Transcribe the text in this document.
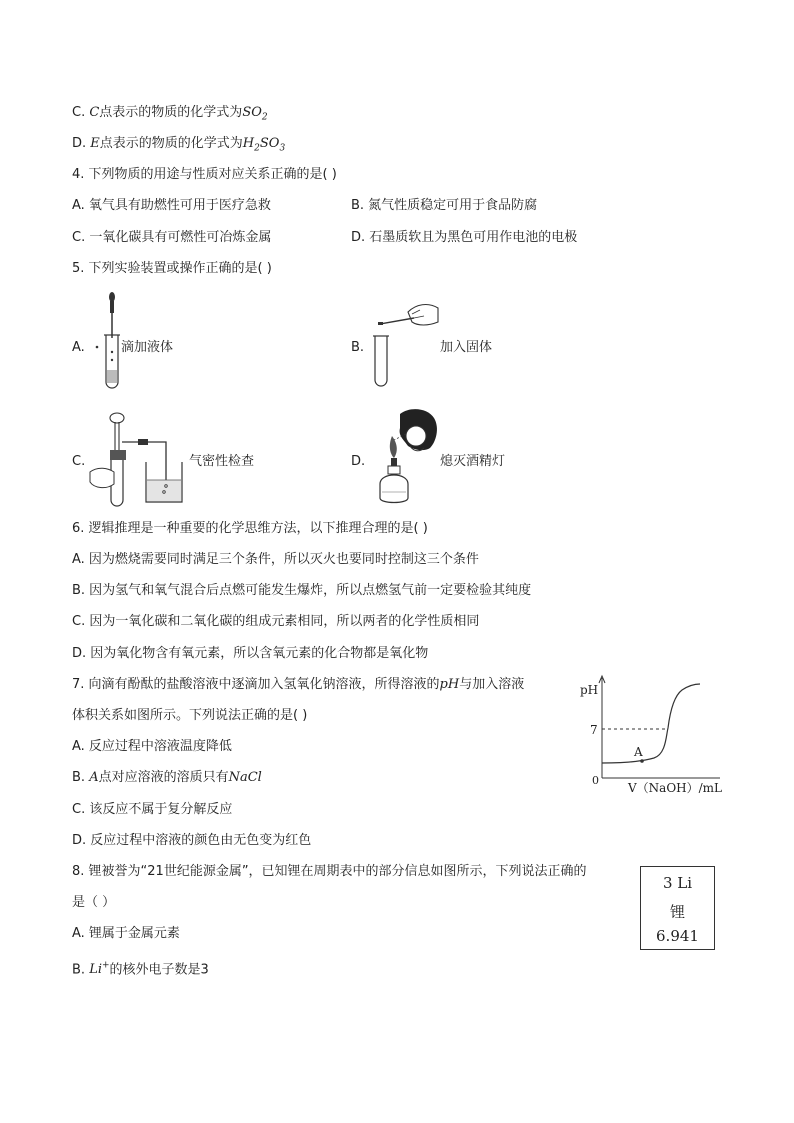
C. C点表示的物质的化学式为$SO_2$
D. E点表示的物质的化学式为$H_2SO_3$
4. 下列物质的用途与性质对应关系正确的是( )
A. 氧气具有助燃性可用于医疗急救	B. 氮气性质稳定可用于食品防腐
C. 一氧化碳具有可燃性可冶炼金属	D. 石墨质软且为黑色可用作电池的电极
5. 下列实验装置或操作正确的是( )
A.	滴加液体	B.	加入固体
C.	气密性检查	D.	熄灭酒精灯
6. 逻辑推理是一种重要的化学思维方法，以下推理合理的是( )
A. 因为燃烧需要同时满足三个条件，所以灭火也要同时控制这三个条件
B. 因为氢气和氧气混合后点燃可能发生爆炸，所以点燃氢气前一定要检验其纯度
C. 因为一氧化碳和二氧化碳的组成元素相同，所以两者的化学性质相同
D. 因为氧化物含有氧元素，所以含氧元素的化合物都是氧化物
7. 向滴有酚酞的盐酸溶液中逐滴加入氢氧化钠溶液，所得溶液的pH与加入溶液
体积关系如图所示。下列说法正确的是( )
A. 反应过程中溶液温度降低
B. A点对应溶液的溶质只有NaCl
C. 该反应不属于复分解反应
D. 反应过程中溶液的颜色由无色变为红色
pH
7
0
A
V（NaOH）/mL
8. 锂被誉为“21世纪能源金属”，已知锂在周期表中的部分信息如图所示，下列说法正确的
是（ ）
A. 锂属于金属元素
B. Li+的核外电子数是3
3 Li
锂
6.941
